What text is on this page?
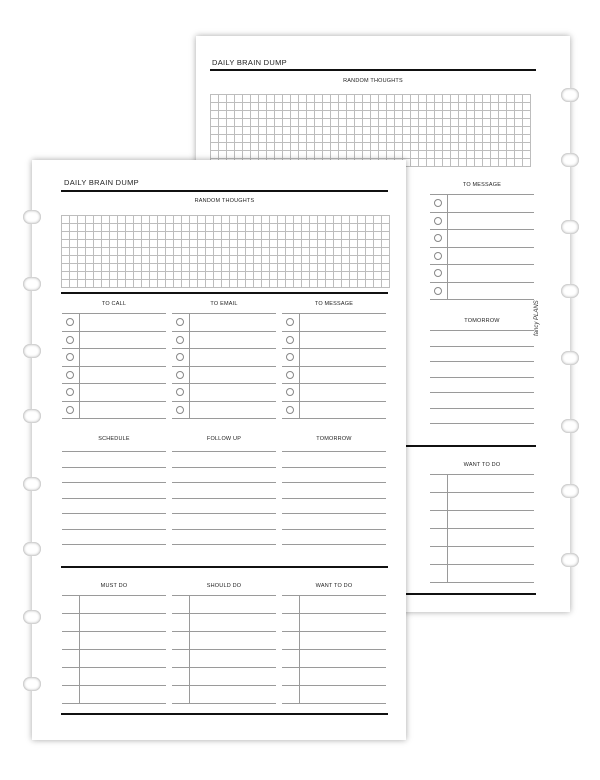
DAILY BRAIN DUMP
RANDOM THOUGHTS
TO MESSAGE
TOMORROW
WANT TO DO
fancy PLANS
DAILY BRAIN DUMP
RANDOM THOUGHTS
TO CALL	TO EMAIL	TO MESSAGE
SCHEDULE	FOLLOW UP	TOMORROW
MUST DO	SHOULD DO	WANT TO DO
